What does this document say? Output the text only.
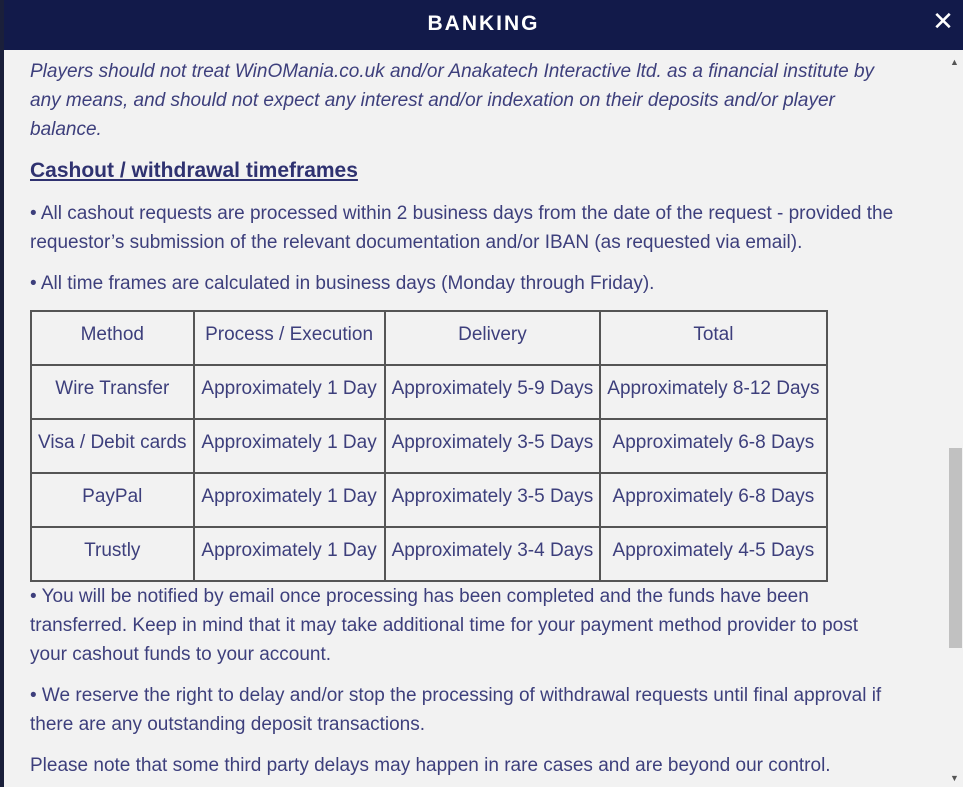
BANKING	✕

Players should not treat WinOMania.co.uk and/or Anakatech Interactive ltd. as a financial institute by any means, and should not expect any interest and/or indexation on their deposits and/or player balance.

Cashout / withdrawal timeframes

• All cashout requests are processed within 2 business days from the date of the request - provided the requestor’s submission of the relevant documentation and/or IBAN (as requested via email).

• All time frames are calculated in business days (Monday through Friday).

Method	Process / Execution	Delivery	Total
Wire Transfer	Approximately 1 Day	Approximately 5-9 Days	Approximately 8-12 Days
Visa / Debit cards	Approximately 1 Day	Approximately 3-5 Days	Approximately 6-8 Days
PayPal	Approximately 1 Day	Approximately 3-5 Days	Approximately 6-8 Days
Trustly	Approximately 1 Day	Approximately 3-4 Days	Approximately 4-5 Days

• You will be notified by email once processing has been completed and the funds have been transferred. Keep in mind that it may take additional time for your payment method provider to post your cashout funds to your account.

• We reserve the right to delay and/or stop the processing of withdrawal requests until final approval if there are any outstanding deposit transactions.

Please note that some third party delays may happen in rare cases and are beyond our control.

▲
▼
